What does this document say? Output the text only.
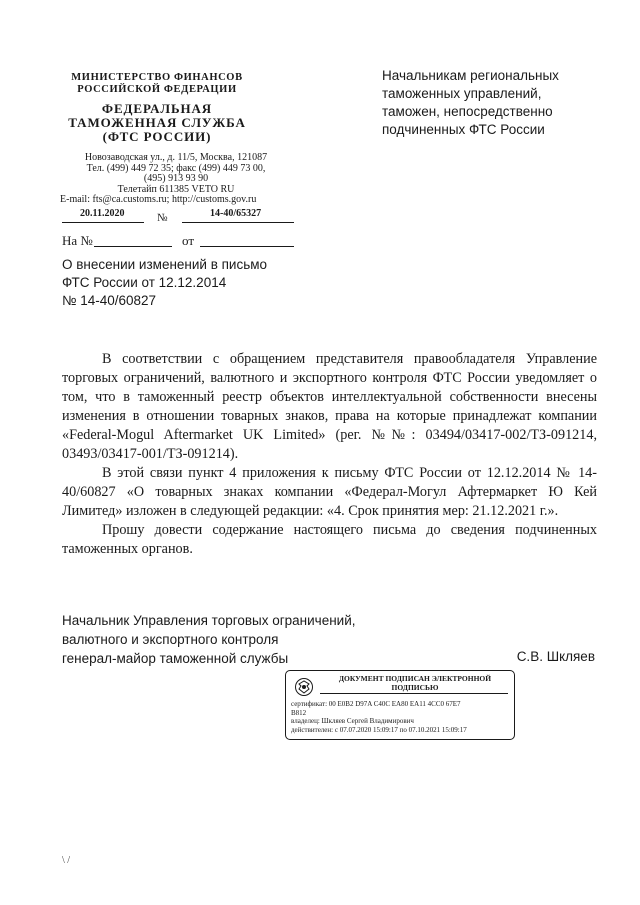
МИНИСТЕРСТВО ФИНАНСОВ
РОССИЙСКОЙ ФЕДЕРАЦИИ
ФЕДЕРАЛЬНАЯ
ТАМОЖЕННАЯ СЛУЖБА
(ФТС РОССИИ)
Новозаводская ул., д. 11/5, Москва, 121087
Тел. (499) 449 72 35; факс (499) 449 73 00,
(495) 913 93 90
Телетайп 611385 VETO RU
E-mail: fts@ca.customs.ru; http://customs.gov.ru
20.11.2020	№	14-40/65327
На №	от
Начальникам региональных
таможенных управлений,
таможен, непосредственно
подчиненных ФТС России
О внесении изменений в письмо
ФТС России от 12.12.2014
№ 14-40/60827

В соответствии с обращением представителя правообладателя Управление торговых ограничений, валютного и экспортного контроля ФТС России уведомляет о том, что в таможенный реестр объектов интеллектуальной собственности внесены изменения в отношении товарных знаков, права на которые принадлежат компании «Federal-Mogul Aftermarket UK Limited» (рег. №№: 03494/03417-002/ТЗ-091214, 03493/03417-001/ТЗ-091214).

В этой связи пункт 4 приложения к письму ФТС России от 12.12.2014 № 14-40/60827 «О товарных знаках компании «Федерал-Могул Афтермаркет Ю Кей Лимитед» изложен в следующей редакции: «4. Срок принятия мер: 21.12.2021 г.».

Прошу довести содержание настоящего письма до сведения подчиненных таможенных органов.

Начальник Управления торговых ограничений,
валютного и экспортного контроля
генерал-майор таможенной службы	С.В. Шкляев
ДОКУМЕНТ ПОДПИСАН ЭЛЕКТРОННОЙ
ПОДПИСЬЮ
сертификат: 00 E0B2 D97A C40C EA80 EA11 4CC0 67E7
B812
владелец: Шкляев Сергей Владимирович
действителен: с 07.07.2020 15:09:17 по 07.10.2021 15:09:17
\ /
